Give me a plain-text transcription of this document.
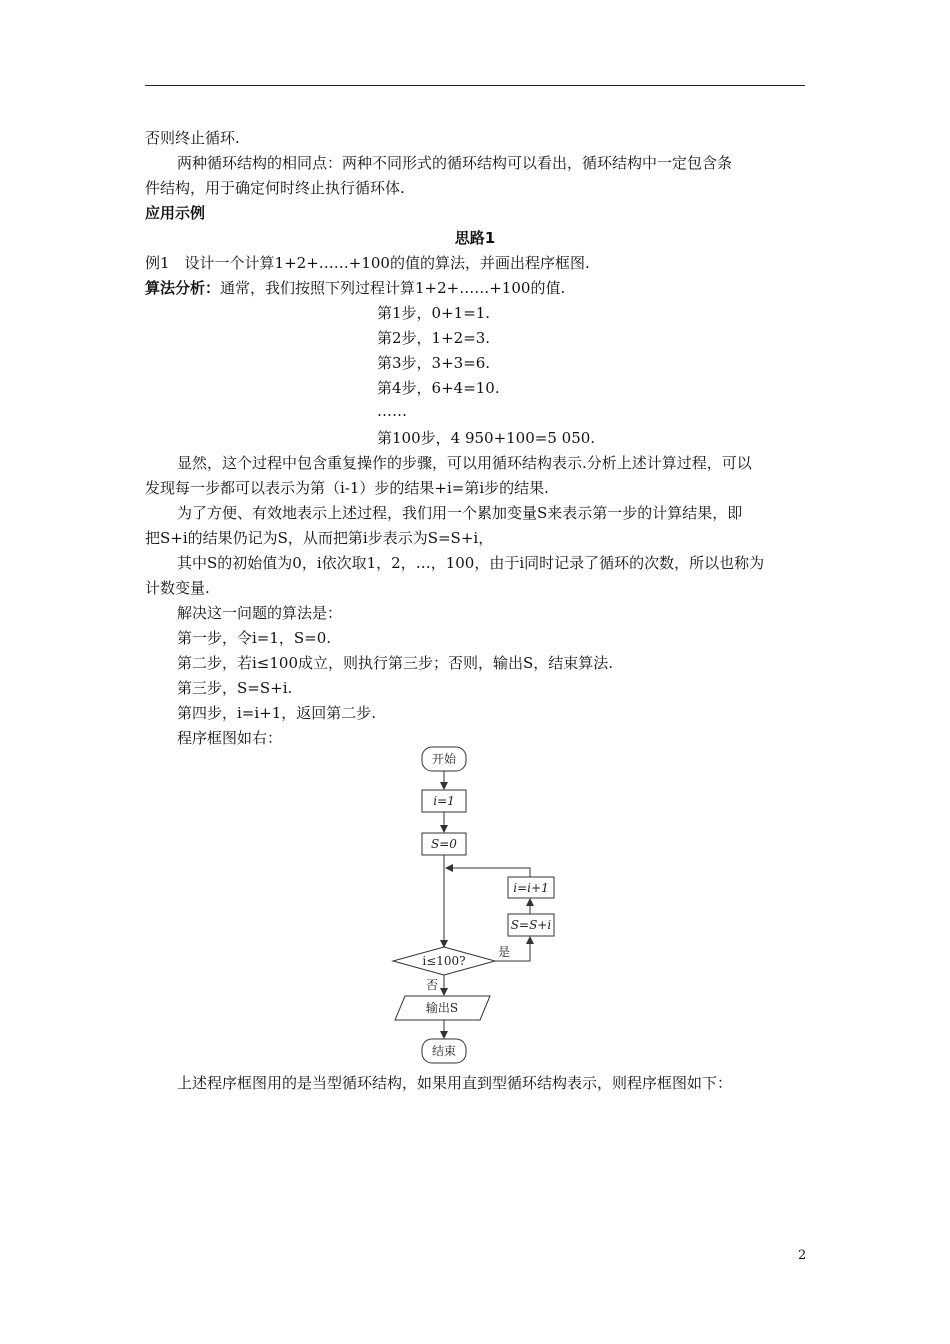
否则终止循环.
两种循环结构的相同点：两种不同形式的循环结构可以看出，循环结构中一定包含条
件结构，用于确定何时终止执行循环体.
应用示例
思路1
例1　设计一个计算1+2+……+100的值的算法，并画出程序框图.
算法分析：通常，我们按照下列过程计算1+2+……+100的值.
第1步，0+1=1.
第2步，1+2=3.
第3步，3+3=6.
第4步，6+4=10.
……
第100步，4 950+100=5 050.
显然，这个过程中包含重复操作的步骤，可以用循环结构表示.分析上述计算过程，可以
发现每一步都可以表示为第（i-1）步的结果+i=第i步的结果.
为了方便、有效地表示上述过程，我们用一个累加变量S来表示第一步的计算结果，即
把S+i的结果仍记为S，从而把第i步表示为S=S+i，
其中S的初始值为0，i依次取1，2，…，100，由于i同时记录了循环的次数，所以也称为
计数变量.
解决这一问题的算法是：
第一步，令i=1，S=0.
第二步，若i≤100成立，则执行第三步；否则，输出S，结束算法.
第三步，S=S+i.
第四步，i=i+1，返回第二步.
程序框图如右：
开始
i=1
S=0
i=i+1
S=S+i
i≤100?
是
否
输出S
结束
上述程序框图用的是当型循环结构，如果用直到型循环结构表示，则程序框图如下：
2
